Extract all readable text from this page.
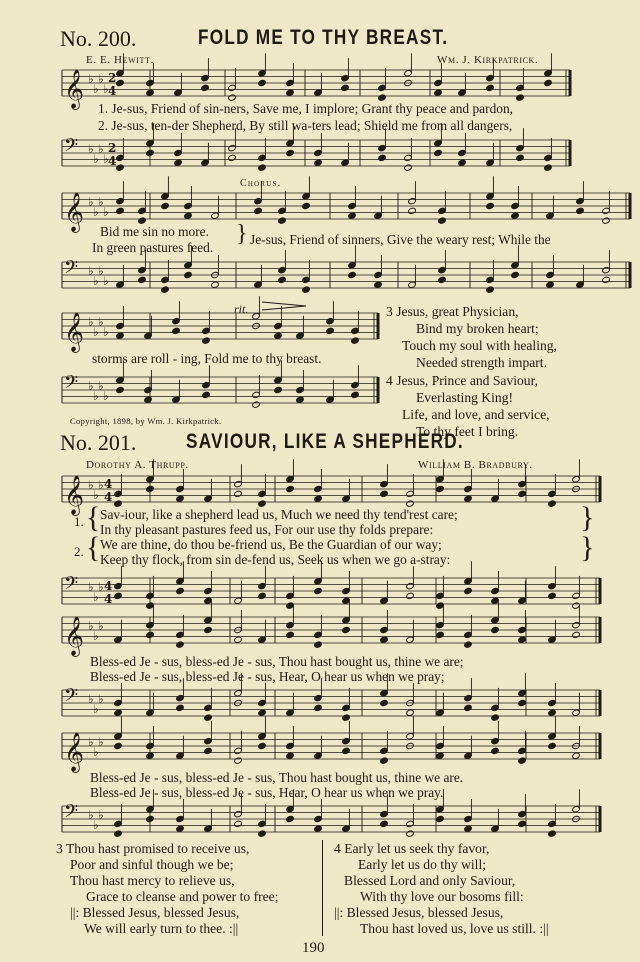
𝄞 ♭
♭
♭
♭
𝄢 ♭
♭
♭
♭
𝄞 ♭
♭
♭
♭
𝄢 ♭
♭
♭
♭
𝄞 ♭
♭
♭
♭
𝄢 ♭
♭
♭
♭
𝄞 ♭
♭
♭
𝄢 ♭
♭
♭
𝄞 ♭
♭
♭
𝄢 ♭
♭
♭
𝄞 ♭
♭
♭
𝄢 ♭
♭
♭
2
4
2
4
4
4
4
4
No. 200.	FOLD ME TO THY BREAST.
E. E. Hewitt.	Wm. J. Kirkpatrick.
1. Je-sus, Friend of sin-ners, Save me, I implore; Grant thy peace and pardon,
2. Je-sus, ten-der Shepherd, By still wa-ters lead; Shield me from all dangers,
Chorus.
Bid me sin no more.
In green pastures feed.
} Je-sus, Friend of sinners, Give the weary rest; While the
rit.
storms are roll - ing, Fold me to thy breast.
Copyright, 1898, by Wm. J. Kirkpatrick.
3 Jesus, great Physician,
Bind my broken heart;
Touch my soul with healing,
Needed strength impart.
4 Jesus, Prince and Saviour,
Everlasting King!
Life, and love, and service,
To thy feet I bring.
No. 201. SAVIOUR, LIKE A SHEPHERD.
Dorothy A. Thrupp.	William B. Bradbury.
1. { Sav-iour, like a shepherd lead us, Much we need thy tend'rest care;
In thy pleasant pastures feed us, For our use thy folds prepare:	}
2. { We are thine, do thou be-friend us, Be the Guardian of our way;
Keep thy flock, from sin de-fend us, Seek us when we go a-stray:	}
Bless-ed Je - sus, bless-ed Je - sus, Thou hast bought us, thine we are;
Bless-ed Je - sus, bless-ed Je - sus, Hear, O hear us when we pray;
Bless-ed Je - sus, bless-ed Je - sus, Thou hast bought us, thine we are.
Bless-ed Je - sus, bless-ed Je - sus, Hear, O hear us when we pray.
3 Thou hast promised to receive us,
Poor and sinful though we be;
Thou hast mercy to relieve us,
Grace to cleanse and power to free;
||: Blessed Jesus, blessed Jesus,
We will early turn to thee. :||
4 Early let us seek thy favor,
Early let us do thy will;
Blessed Lord and only Saviour,
With thy love our bosoms fill:
||: Blessed Jesus, blessed Jesus,
Thou hast loved us, love us still. :||
190
